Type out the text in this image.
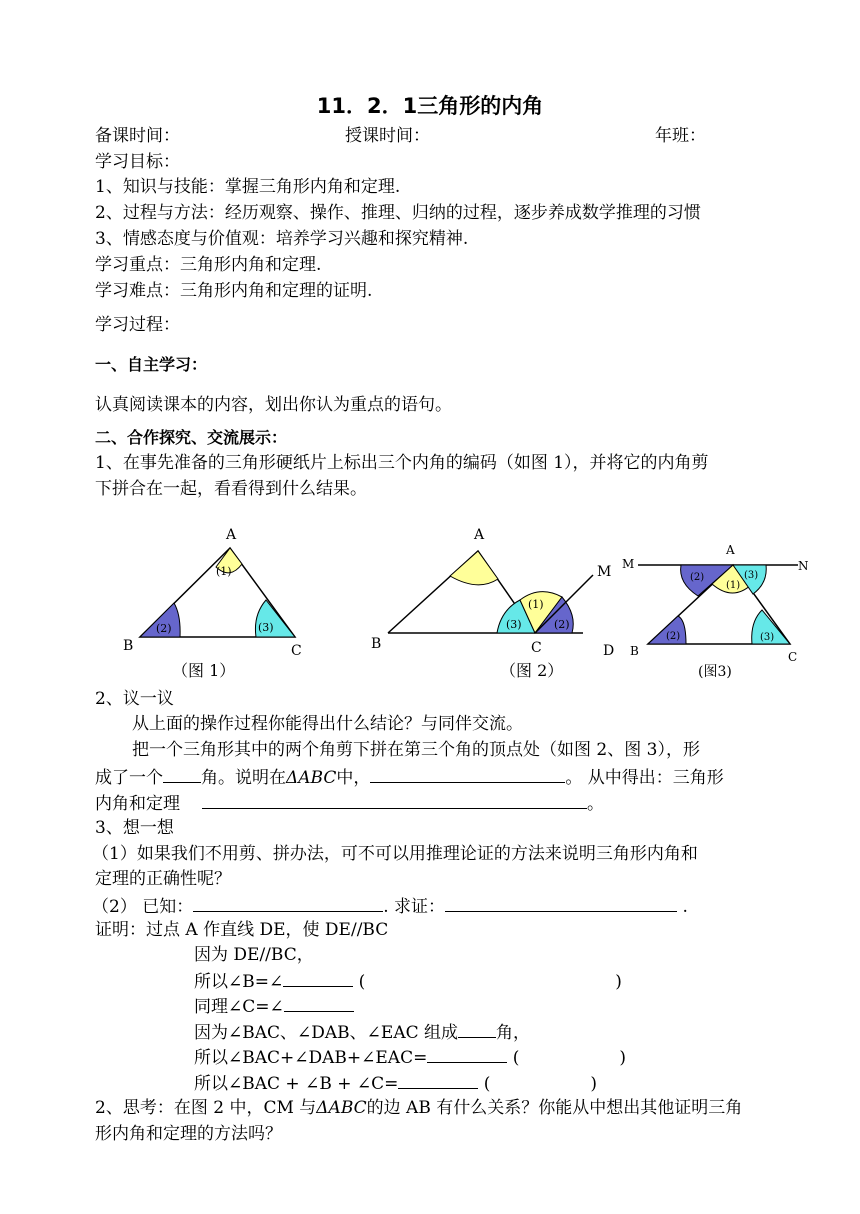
11．2．1三角形的内角
备课时间：	授课时间：	年班：
学习目标：
1、知识与技能：掌握三角形内角和定理.
2、过程与方法：经历观察、操作、推理、归纳的过程，逐步养成数学推理的习惯
3、情感态度与价值观：培养学习兴趣和探究精神.
学习重点：三角形内角和定理.
学习难点：三角形内角和定理的证明.
学习过程：
一、自主学习：
认真阅读课本的内容，划出你认为重点的语句。
二、合作探究、交流展示：
1、在事先准备的三角形硬纸片上标出三个内角的编码（如图 1），并将它的内角剪
下拼合在一起，看看得到什么结果。
A
B	C
(1)
(2)	(3)
（图 1）
A
B	C	D
M
(1)
(2)
(3)
（图 2）
A
M	N
B	C
(1)
(2)	(3)
(2)	(3)
(图3)
2、议一议
从上面的操作过程你能得出什么结论？与同伴交流。
把一个三角形其中的两个角剪下拼在第三个角的顶点处（如图 2、图 3），形
成了一个 角。说明在ΔABC中，	。 从中得出：三角形
内角和定理	。
3、想一想
（1）如果我们不用剪、拼办法，可不可以用推理论证的方法来说明三角形内角和
定理的正确性呢？
（2） 已知：	. 求证：	.
证明：过点 A 作直线 DE，使 DE//BC
因为 DE//BC，
所以∠B=∠	(	)
同理∠C=∠
因为∠BAC、∠DAB、∠EAC 组成 角，
所以∠BAC+∠DAB+∠EAC=	(	)
所以∠BAC + ∠B + ∠C=	(	)
2、思考：在图 2 中，CM 与ΔABC的边 AB 有什么关系？你能从中想出其他证明三角
形内角和定理的方法吗？
